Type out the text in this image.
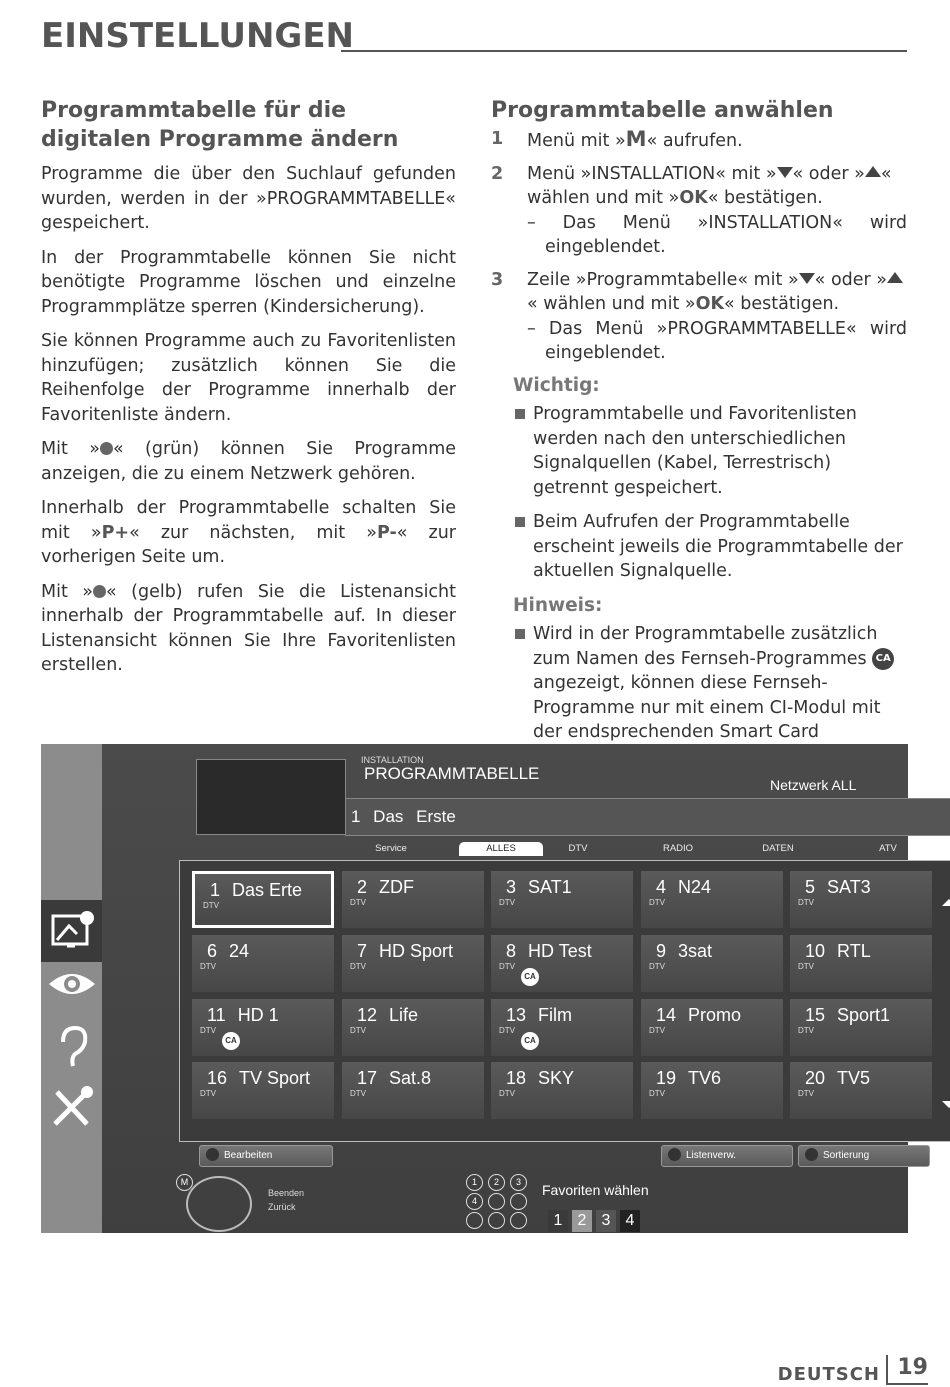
EINSTELLUNGEN
Programmtabelle für die digitalen Programme ändern

Programme die über den Suchlauf gefunden wurden, werden in der »PROGRAMMTABELLE« gespeichert.

In der Programmtabelle können Sie nicht benötigte Programme löschen und einzelne Programmplätze sperren (Kindersicherung).

Sie können Programme auch zu Favoritenlisten hinzufügen; zusätzlich können Sie die Reihenfolge der Programme innerhalb der Favoritenliste ändern.

Mit » « (grün) können Sie Programme anzeigen, die zu einem Netzwerk gehören.

Innerhalb der Programmtabelle schalten Sie mit »P+« zur nächsten, mit »P-« zur vorherigen Seite um.

Mit » « (gelb) rufen Sie die Listenansicht innerhalb der Programmtabelle auf. In dieser Listenansicht können Sie Ihre Favoritenlisten erstellen.

Programmtabelle anwählen
1 Menü mit »M« aufrufen.
2 Menü »INSTALLATION« mit » « oder » « wählen und mit »OK« bestätigen.
– Das Menü »INSTALLATION« wird eingeblendet.
3 Zeile »Programmtabelle« mit » « oder »« wählen und mit »OK« bestätigen.
– Das Menü »PROGRAMMTABELLE« wird eingeblendet.
Wichtig:
Programmtabelle und Favoritenlisten werden nach den unterschiedlichen Signalquellen (Kabel, Terrestrisch) getrennt gespeichert.
Beim Aufrufen der Programmtabelle erscheint jeweils die Programmtabelle der aktuellen Signalquelle.
Hinweis:
Wird in der Programmtabelle zusätzlich zum Namen des Fernseh-Programmes CA angezeigt, können diese Fernseh-Programme nur mit einem CI-Modul mit der endsprechenden Smart Card
INSTALLATION
PROGRAMMTABELLE
Netzwerk ALL
1 Das Erste
Service	ALLES	DTV	RADIO	DATEN	ATV
1 Das Erte
DTV
2 ZDF
DTV
3 SAT1
DTV
4 N24
DTV
5 SAT3
DTV
6 24
DTV
7 HD Sport
DTV
8 HD Test
DTV
CA
9 3sat
DTV
10 RTL
DTV
11 HD 1
DTV
CA
12 Life
DTV
13 Film
DTV
CA
14 Promo
DTV
15 Sport1
DTV
16 TV Sport
DTV
17 Sat.8
DTV
18 SKY
DTV
19 TV6
DTV
20 TV5
DTV
Bearbeiten	Listenverw.	Sortierung
M
Beenden
Zurück
1	2	3
4
Favoriten wählen
1 2 3 4
DEUTSCH 19
